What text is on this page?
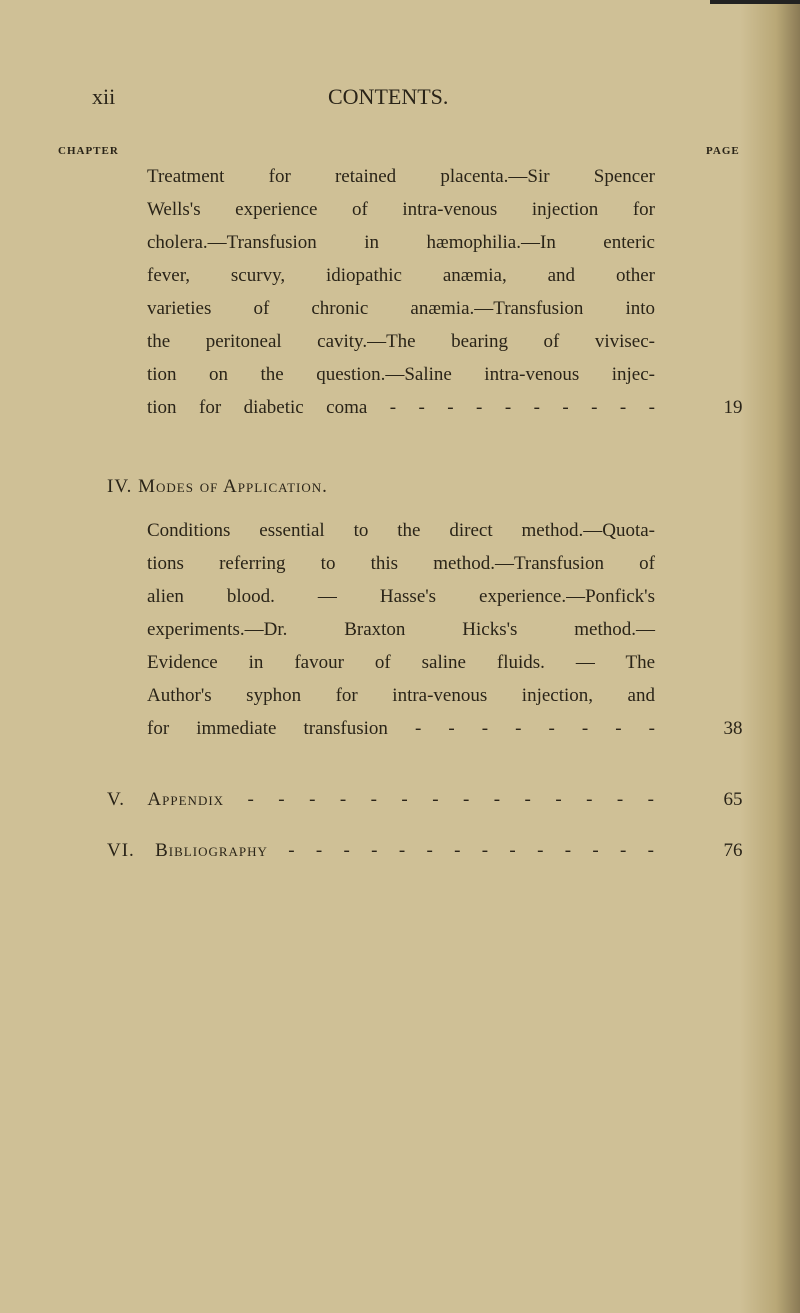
xii	CONTENTS.
CHAPTER	PAGE
Treatment for retained placenta.—Sir Spencer
Wells's experience of intra-venous injection for
cholera.—Transfusion in hæmophilia.—In enteric
fever, scurvy, idiopathic anæmia, and other
varieties of chronic anæmia.—Transfusion into
the peritoneal cavity.—The bearing of vivisec-
tion on the question.—Saline intra-venous injec-
tion for diabetic coma - - - - - - - - - -	19
IV. Modes of Application.
Conditions essential to the direct method.—Quota-
tions referring to this method.—Transfusion of
alien blood. — Hasse's experience.—Ponfick's
experiments.—Dr. Braxton Hicks's method.—
Evidence in favour of saline fluids. — The
Author's syphon for intra-venous injection, and
for immediate transfusion - - - - - - - -	38
V. Appendix - - - - - - - - - - - - - -	65
VI. Bibliography - - - - - - - - - - - - - -	76
